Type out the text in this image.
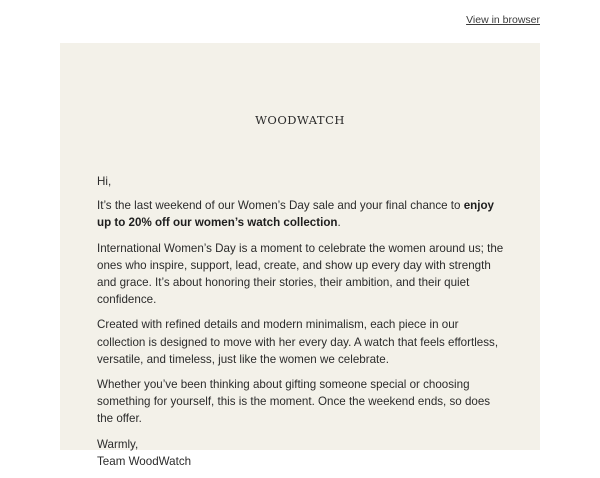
View in browser
WOODWATCH

Hi,

It’s the last weekend of our Women’s Day sale and your final chance to enjoy up to 20% off our women’s watch collection.

International Women’s Day is a moment to celebrate the women around us; the ones who inspire, support, lead, create, and show up every day with strength and grace. It’s about honoring their stories, their ambition, and their quiet confidence.

Created with refined details and modern minimalism, each piece in our collection is designed to move with her every day. A watch that feels effortless, versatile, and timeless, just like the women we celebrate.

Whether you’ve been thinking about gifting someone special or choosing something for yourself, this is the moment. Once the weekend ends, so does the offer.

Warmly,
Team WoodWatch
